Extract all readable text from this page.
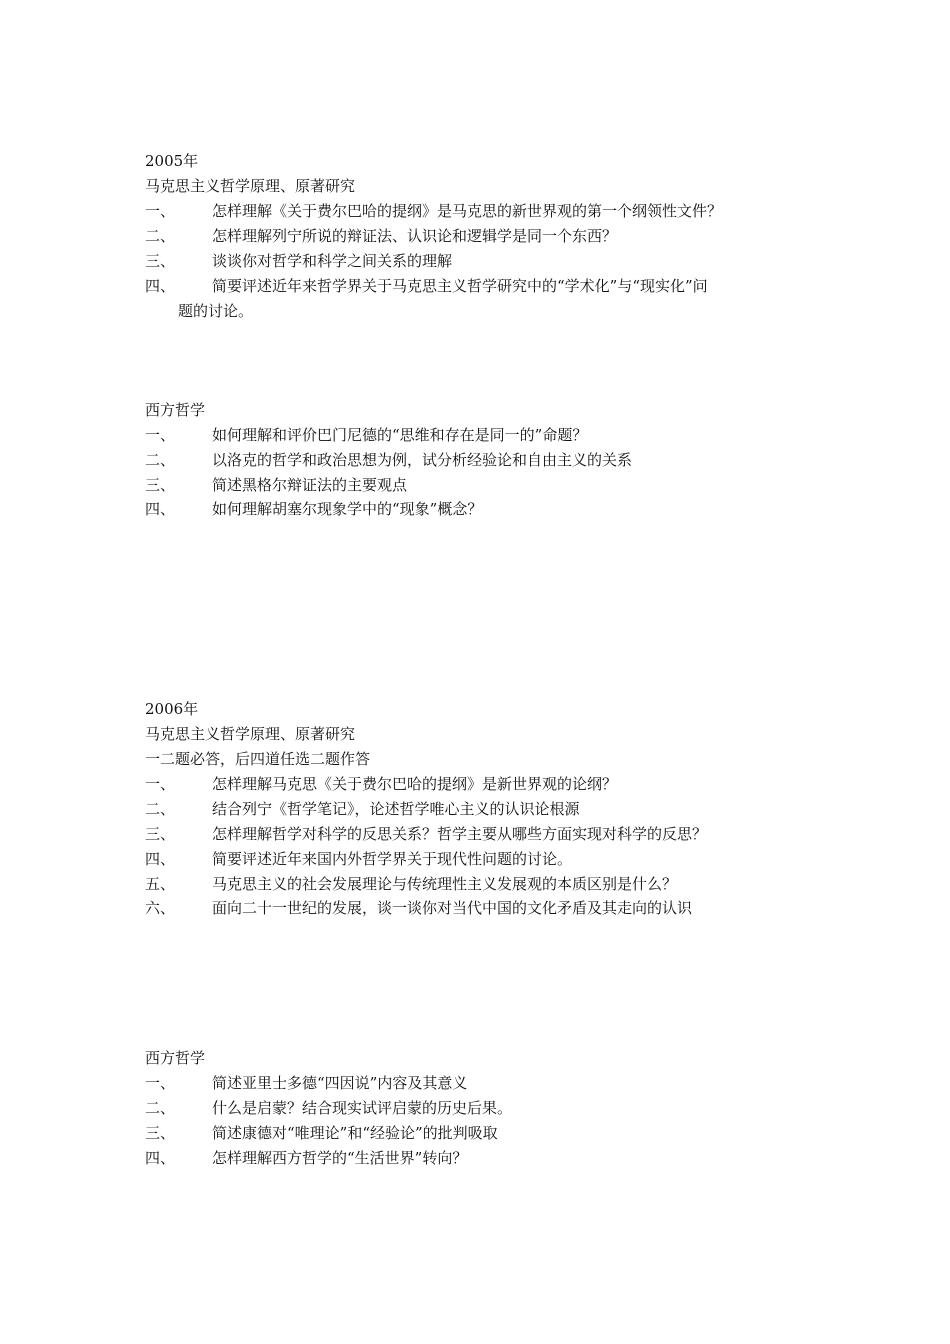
2005年
马克思主义哲学原理、原著研究
一、 怎样理解《关于费尔巴哈的提纲》是马克思的新世界观的第一个纲领性文件？
二、 怎样理解列宁所说的辩证法、认识论和逻辑学是同一个东西？
三、 谈谈你对哲学和科学之间关系的理解
四、 简要评述近年来哲学界关于马克思主义哲学研究中的“学术化”与“现实化”问
题的讨论。
西方哲学
一、 如何理解和评价巴门尼德的“思维和存在是同一的”命题？
二、 以洛克的哲学和政治思想为例，试分析经验论和自由主义的关系
三、 简述黑格尔辩证法的主要观点
四、 如何理解胡塞尔现象学中的“现象”概念？
2006年
马克思主义哲学原理、原著研究
一二题必答，后四道任选二题作答
一、 怎样理解马克思《关于费尔巴哈的提纲》是新世界观的论纲？
二、 结合列宁《哲学笔记》，论述哲学唯心主义的认识论根源
三、 怎样理解哲学对科学的反思关系？哲学主要从哪些方面实现对科学的反思？
四、 简要评述近年来国内外哲学界关于现代性问题的讨论。
五、 马克思主义的社会发展理论与传统理性主义发展观的本质区别是什么？
六、 面向二十一世纪的发展，谈一谈你对当代中国的文化矛盾及其走向的认识
西方哲学
一、 简述亚里士多德“四因说”内容及其意义
二、 什么是启蒙？结合现实试评启蒙的历史后果。
三、 简述康德对“唯理论”和“经验论”的批判吸取
四、 怎样理解西方哲学的“生活世界”转向？
